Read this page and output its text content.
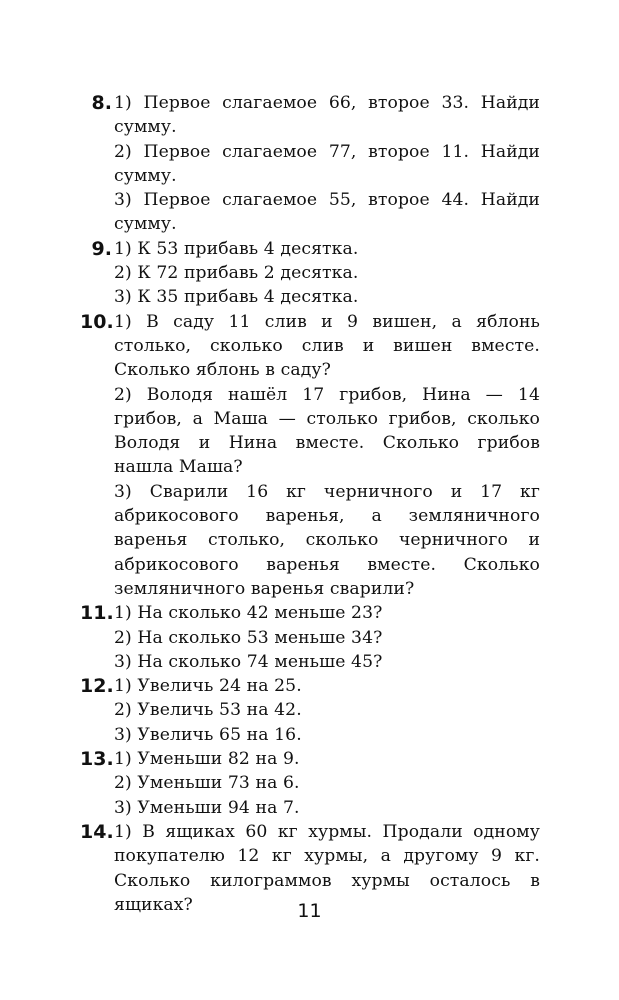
8. 1) Первое слагаемое 66, второе 33. Найди сумму.

2) Первое слагаемое 77, второе 11. Найди сумму.

3) Первое слагаемое 55, второе 44. Найди сумму.

9. 1) К 53 прибавь 4 десятка.

2) К 72 прибавь 2 десятка.

3) К 35 прибавь 4 десятка.

10. 1) В саду 11 слив и 9 вишен, а яблонь столько, сколько слив и вишен вместе. Сколько яблонь в саду?

2) Володя нашёл 17 грибов, Нина — 14 грибов, а Маша — столько грибов, сколько Володя и Нина вместе. Сколько грибов нашла Маша?

3) Сварили 16 кг черничного и 17 кг абрикосового варенья, а земляничного варенья столько, сколько черничного и абрикосового варенья вместе. Сколько земляничного варенья сварили?

11. 1) На сколько 42 меньше 23?

2) На сколько 53 меньше 34?

3) На сколько 74 меньше 45?

12. 1) Увеличь 24 на 25.

2) Увеличь 53 на 42.

3) Увеличь 65 на 16.

13. 1) Уменьши 82 на 9.

2) Уменьши 73 на 6.

3) Уменьши 94 на 7.

14. 1) В ящиках 60 кг хурмы. Продали одному покупателю 12 кг хурмы, а другому 9 кг. Сколько килограммов хурмы осталось в ящиках?	11
